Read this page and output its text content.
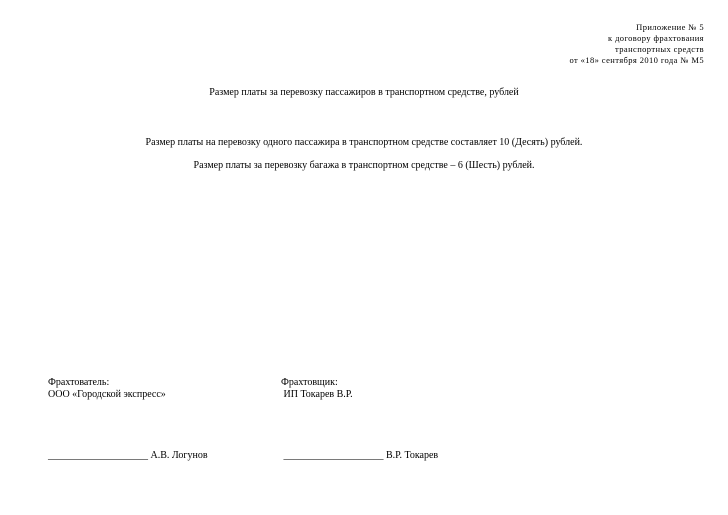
Приложение № 5
к договору фрахтования
транспортных средств
от «18» сентября 2010 года № М5
Размер платы за перевозку пассажиров в транспортном средстве, рублей
Размер платы на перевозку одного пассажира в транспортном средстве составляет 10 (Десять) рублей.
Размер платы за перевозку багажа в транспортном средстве – 6 (Шесть) рублей.
Фрахтователь:
ООО «Городской экспресс»
Фрахтовщик:
ИП Токарев В.Р.
____________________ А.В. Логунов	____________________ В.Р. Токарев
